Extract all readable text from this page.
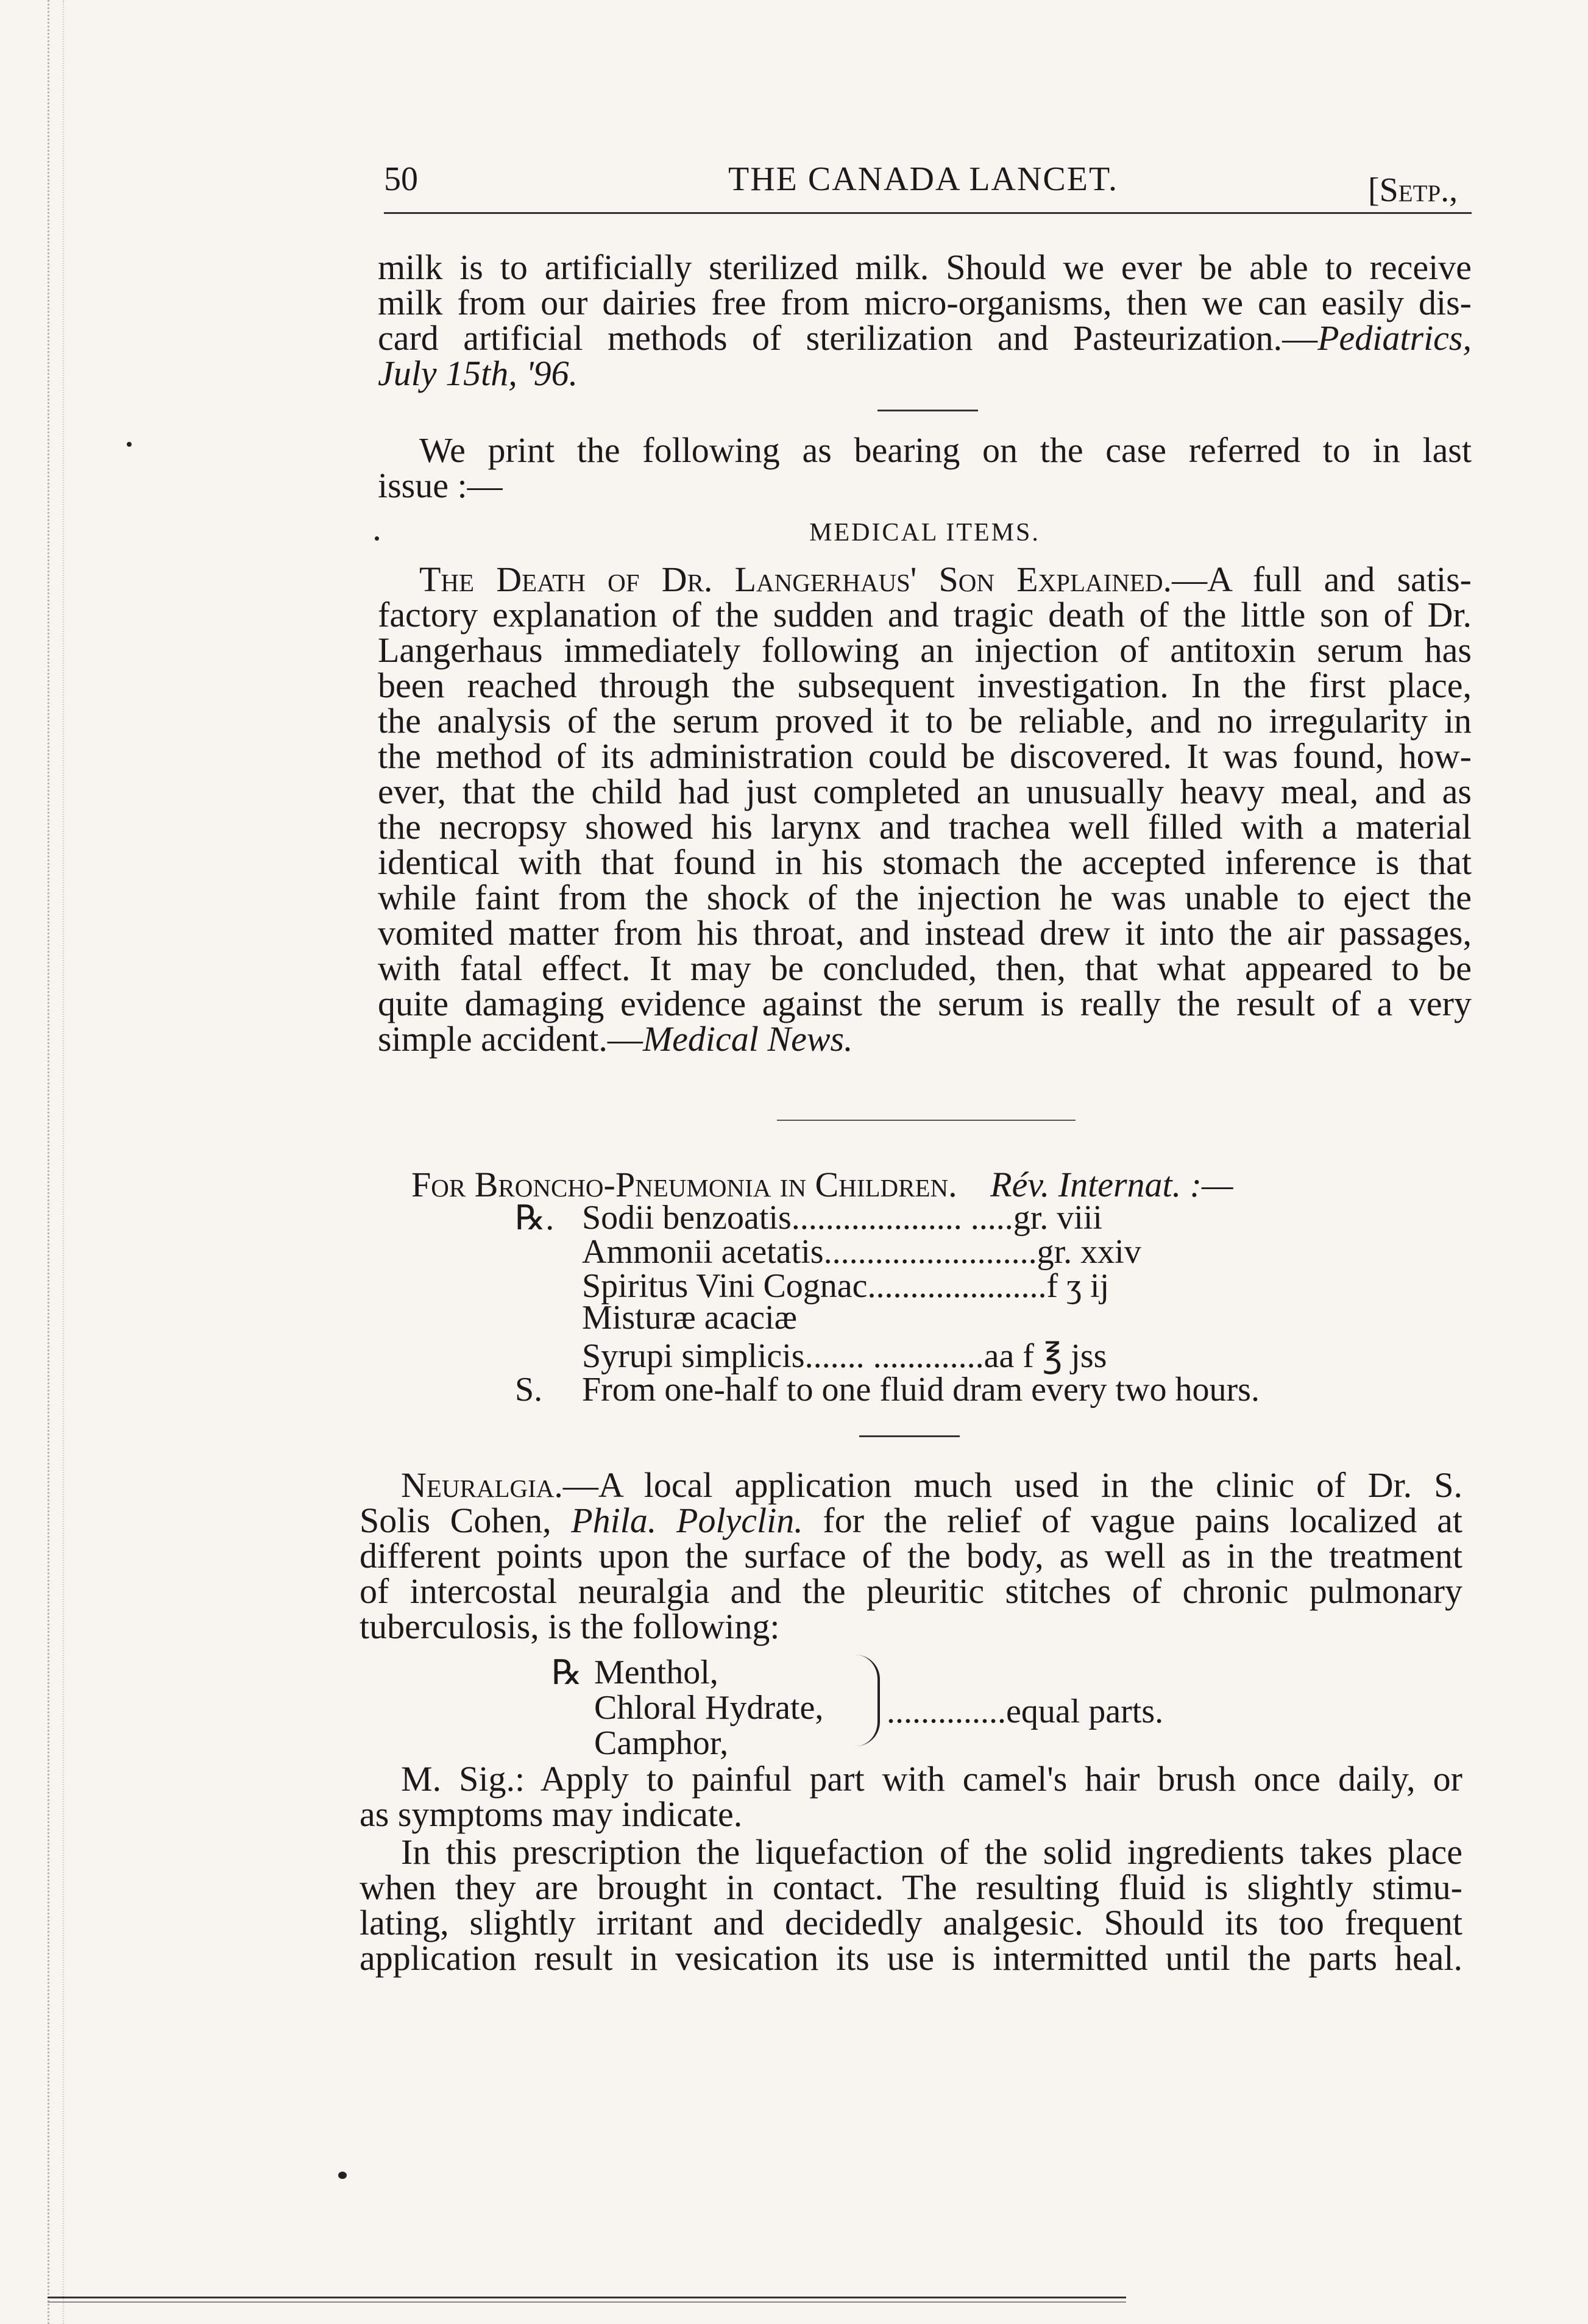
50	THE CANADA LANCET.	[Setp.,
milk is to artificially sterilized milk. Should we ever be able to receive
milk from our dairies free from micro-organisms, then we can easily dis-
card artificial methods of sterilization and Pasteurization.—Pediatrics,
July 15th, '96.
We print the following as bearing on the case referred to in last
issue :—
MEDICAL ITEMS.
The Death of Dr. Langerhaus' Son Explained.—A full and satis-
factory explanation of the sudden and tragic death of the little son of Dr.
Langerhaus immediately following an injection of antitoxin serum has
been reached through the subsequent investigation. In the first place,
the analysis of the serum proved it to be reliable, and no irregularity in
the method of its administration could be discovered. It was found, how-
ever, that the child had just completed an unusually heavy meal, and as
the necropsy showed his larynx and trachea well filled with a material
identical with that found in his stomach the accepted inference is that
while faint from the shock of the injection he was unable to eject the
vomited matter from his throat, and instead drew it into the air passages,
with fatal effect. It may be concluded, then, that what appeared to be
quite damaging evidence against the serum is really the result of a very
simple accident.—Medical News.
For Broncho-Pneumonia in Children. Rév. Internat. :—
℞. Sodii benzoatis.................... .....gr. viii
Ammonii acetatis.........................gr. xxiv
Spiritus Vini Cognac.....................f ʒ ij
Misturæ acaciæ
Syrupi simplicis....... .............aa f ℥ jss
S. From one-half to one fluid dram every two hours.
Neuralgia.—A local application much used in the clinic of Dr. S.
Solis Cohen, Phila. Polyclin. for the relief of vague pains localized at
different points upon the surface of the body, as well as in the treatment
of intercostal neuralgia and the pleuritic stitches of chronic pulmonary
tuberculosis, is the following:
℞ Menthol,
Chloral Hydrate,
Camphor,
..............equal parts.
M. Sig.: Apply to painful part with camel's hair brush once daily, or
as symptoms may indicate.
In this prescription the liquefaction of the solid ingredients takes place
when they are brought in contact. The resulting fluid is slightly stimu-
lating, slightly irritant and decidedly analgesic. Should its too frequent
application result in vesication its use is intermitted until the parts heal.
